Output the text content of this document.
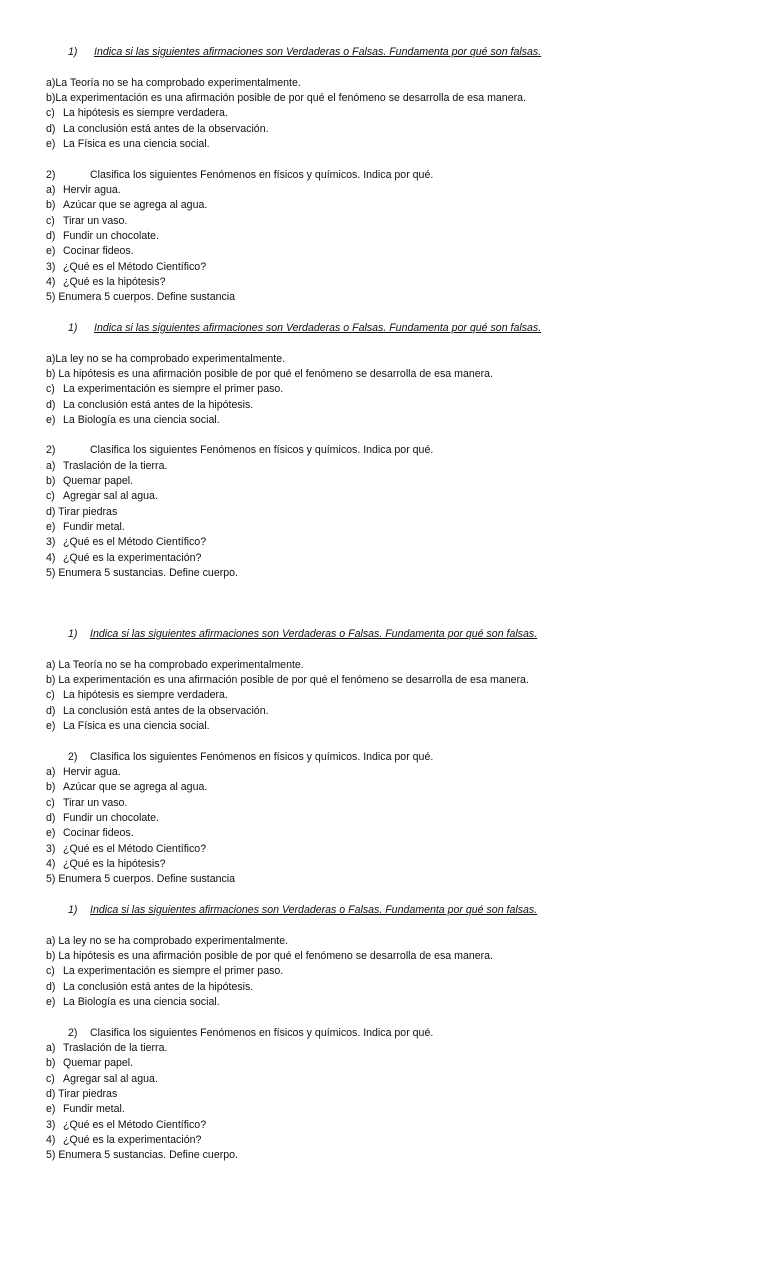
1) Indica si las siguientes afirmaciones son Verdaderas o Falsas. Fundamenta por qué son falsas.
a)La Teoría no se ha comprobado experimentalmente.
b)La experimentación es una afirmación posible de por qué el fenómeno se desarrolla de esa manera.
c) La hipótesis es siempre verdadera.
d) La conclusión está antes de la observación.
e) La Física es una ciencia social.
2)	Clasifica los siguientes Fenómenos en físicos y químicos. Indica por qué.
a) Hervir agua.
b) Azúcar que se agrega al agua.
c) Tirar un vaso.
d) Fundir un chocolate.
e) Cocinar fideos.
3) ¿Qué es el Método Científico?
4) ¿Qué es la hipótesis?
5) Enumera 5 cuerpos. Define sustancia
1) Indica si las siguientes afirmaciones son Verdaderas o Falsas. Fundamenta por qué son falsas.
a)La ley no se ha comprobado experimentalmente.
b) La hipótesis es una afirmación posible de por qué el fenómeno se desarrolla de esa manera.
c) La experimentación es siempre el primer paso.
d) La conclusión está antes de la hipótesis.
e) La Biología es una ciencia social.
2)	Clasifica los siguientes Fenómenos en físicos y químicos. Indica por qué.
a) Traslación de la tierra.
b) Quemar papel.
c) Agregar sal al agua.
d) Tirar piedras
e) Fundir metal.
3) ¿Qué es el Método Científico?
4) ¿Qué es la experimentación?
5) Enumera 5 sustancias. Define cuerpo.
1) Indica si las siguientes afirmaciones son Verdaderas o Falsas. Fundamenta por qué son falsas.
a) La Teoría no se ha comprobado experimentalmente.
b) La experimentación es una afirmación posible de por qué el fenómeno se desarrolla de esa manera.
c) La hipótesis es siempre verdadera.
d) La conclusión está antes de la observación.
e) La Física es una ciencia social.
2) Clasifica los siguientes Fenómenos en físicos y químicos. Indica por qué.
a) Hervir agua.
b) Azúcar que se agrega al agua.
c) Tirar un vaso.
d) Fundir un chocolate.
e) Cocinar fideos.
3) ¿Qué es el Método Científico?
4) ¿Qué es la hipótesis?
5) Enumera 5 cuerpos. Define sustancia
1) Indica si las siguientes afirmaciones son Verdaderas o Falsas. Fundamenta por qué son falsas.
a) La ley no se ha comprobado experimentalmente.
b) La hipótesis es una afirmación posible de por qué el fenómeno se desarrolla de esa manera.
c) La experimentación es siempre el primer paso.
d) La conclusión está antes de la hipótesis.
e) La Biología es una ciencia social.
2) Clasifica los siguientes Fenómenos en físicos y químicos. Indica por qué.
a) Traslación de la tierra.
b) Quemar papel.
c) Agregar sal al agua.
d) Tirar piedras
e) Fundir metal.
3) ¿Qué es el Método Científico?
4) ¿Qué es la experimentación?
5) Enumera 5 sustancias. Define cuerpo.
